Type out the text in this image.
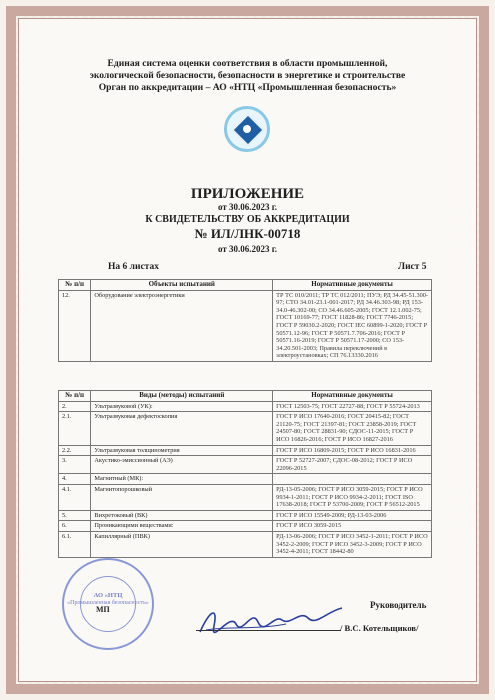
Единая система оценки соответствия в области промышленной,
экологической безопасности, безопасности в энергетике и строительстве
Орган по аккредитации – АО «НТЦ «Промышленная безопасность»
ПРИЛОЖЕНИЕ
от 30.06.2023 г.
К СВИДЕТЕЛЬСТВУ ОБ АККРЕДИТАЦИИ
№ ИЛ/ЛНК-00718
от 30.06.2023 г.
На 6 листах	Лист 5
№ п/п	Объекты испытаний	Нормативные документы
12.	Оборудование электроэнергетики	ТР ТС 010/2011; ТР ТС 012/2011; ПУЭ; РД 34.45-51.300-97; СТО 34.01-23.1-001-2017; РД 34.46.303-98; РД 153-34.0-46.302-00; СО 34.46.605-2005; ГОСТ 12.1.002-75; ГОСТ 10169-77; ГОСТ 11828-86; ГОСТ 7746-2015; ГОСТ Р 59030.2-2020; ГОСТ IEC 60899-1-2020; ГОСТ Р 50571.12-96; ГОСТ Р 50571.7.706-2016; ГОСТ Р 50571.16-2019; ГОСТ Р 50571.17-2000; СО 153-34.20.501-2003; Правила переключений в электроустановках; СП 76.13330.2016
№ п/п	Виды (методы) испытаний	Нормативные документы
2.	Ультразвуковой (УК):	ГОСТ 12503-75; ГОСТ 22727-88; ГОСТ Р 55724-2013
2.1.	Ультразвуковая дефектоскопия	ГОСТ Р ИСО 17640-2016; ГОСТ 20415-82; ГОСТ 21120-75; ГОСТ 21397-81; ГОСТ 23858-2019; ГОСТ 24507-80; ГОСТ 28831-90; СДОС-11-2015; ГОСТ Р ИСО 16826-2016; ГОСТ Р ИСО 16827-2016
2.2.	Ультразвуковая толщинометрия	ГОСТ Р ИСО 16809-2015; ГОСТ Р ИСО 16831-2016
3.	Акустико-эмиссионный (АЭ)	ГОСТ Р 52727-2007; СДОС-08-2012; ГОСТ Р ИСО 22096-2015
4.	Магнитный (МК):	
4.1.	Магнитопорошковый	РД-13-05-2006; ГОСТ Р ИСО 3059-2015; ГОСТ Р ИСО 9934-1-2011; ГОСТ Р ИСО 9934-2-2011; ГОСТ ISO 17638-2018; ГОСТ Р 53700-2009; ГОСТ Р 56512-2015
5.	Вихретоковый (ВК)	ГОСТ Р ИСО 15549-2009; РД-13-03-2006
6.	Проникающими веществами:	ГОСТ Р ИСО 3059-2015
6.1.	Капиллярный (ПВК)	РД-13-06-2006; ГОСТ Р ИСО 3452-1-2011; ГОСТ Р ИСО 3452-2-2009; ГОСТ Р ИСО 3452-3-2009; ГОСТ Р ИСО 3452-4-2011; ГОСТ 18442-80
АО «НТЦ
«Промышленная безопасность»
МП	Руководитель
/ В.С. Котельщиков/
